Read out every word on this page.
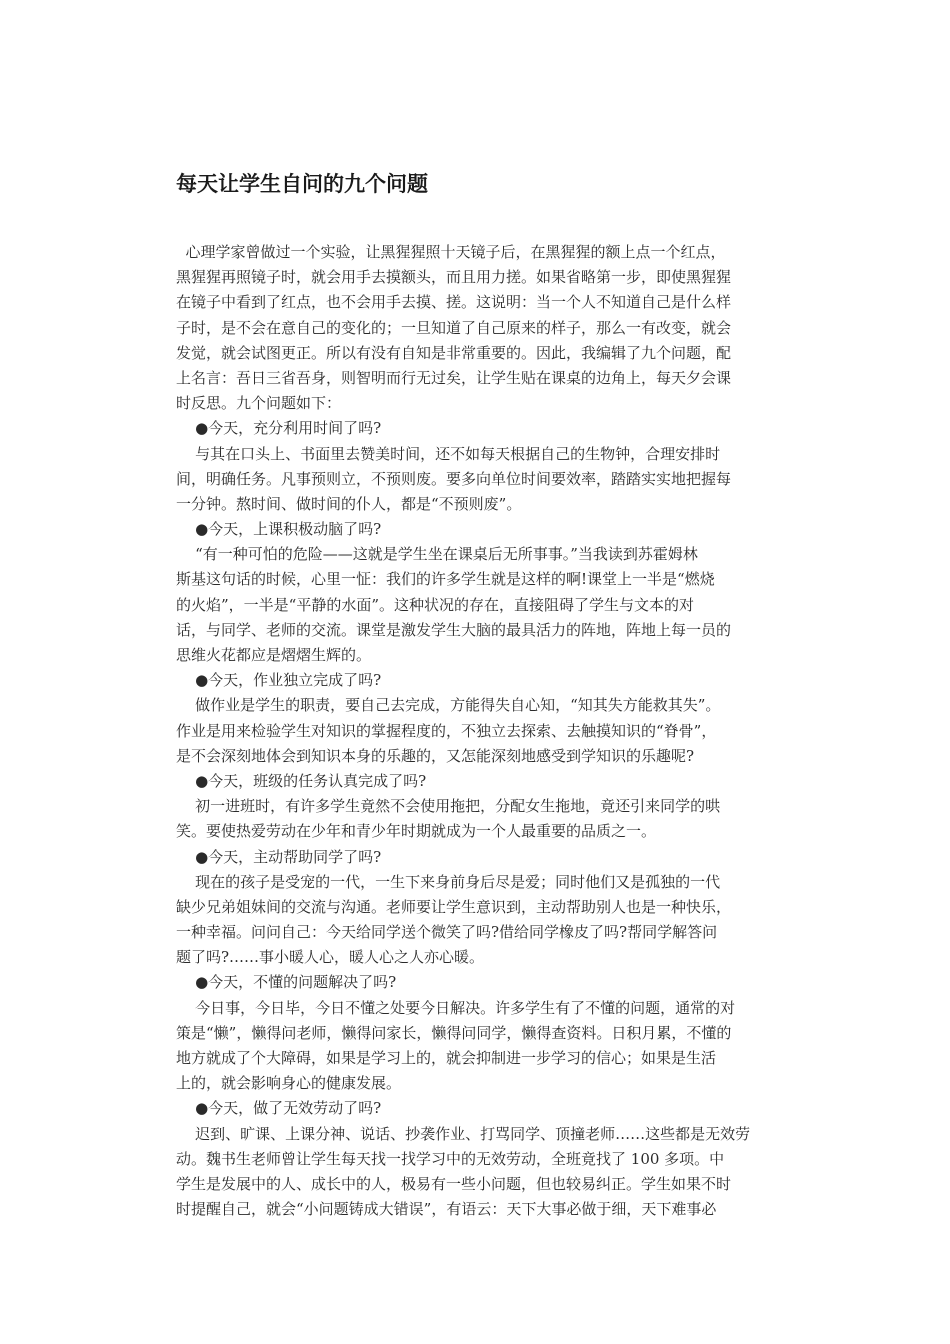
每天让学生自问的九个问题
心理学家曾做过一个实验，让黑猩猩照十天镜子后，在黑猩猩的额上点一个红点，
黑猩猩再照镜子时，就会用手去摸额头，而且用力搓。如果省略第一步，即使黑猩猩
在镜子中看到了红点，也不会用手去摸、搓。这说明：当一个人不知道自己是什么样
子时，是不会在意自己的变化的；一旦知道了自己原来的样子，那么一有改变，就会
发觉，就会试图更正。所以有没有自知是非常重要的。因此，我编辑了九个问题，配
上名言：吾日三省吾身，则智明而行无过矣，让学生贴在课桌的边角上，每天夕会课
时反思。九个问题如下：
●今天，充分利用时间了吗?
与其在口头上、书面里去赞美时间，还不如每天根据自己的生物钟，合理安排时
间，明确任务。凡事预则立，不预则废。要多向单位时间要效率，踏踏实实地把握每
一分钟。熬时间、做时间的仆人，都是“不预则废”。
●今天，上课积极动脑了吗?
“有一种可怕的危险——这就是学生坐在课桌后无所事事。”当我读到苏霍姆林
斯基这句话的时候，心里一怔：我们的许多学生就是这样的啊!课堂上一半是“燃烧
的火焰”，一半是“平静的水面”。这种状况的存在，直接阻碍了学生与文本的对
话，与同学、老师的交流。课堂是激发学生大脑的最具活力的阵地，阵地上每一员的
思维火花都应是熠熠生辉的。
●今天，作业独立完成了吗?
做作业是学生的职责，要自己去完成，方能得失自心知，“知其失方能救其失”。
作业是用来检验学生对知识的掌握程度的，不独立去探索、去触摸知识的“脊骨”，
是不会深刻地体会到知识本身的乐趣的，又怎能深刻地感受到学知识的乐趣呢?
●今天，班级的任务认真完成了吗?
初一进班时，有许多学生竟然不会使用拖把，分配女生拖地，竟还引来同学的哄
笑。要使热爱劳动在少年和青少年时期就成为一个人最重要的品质之一。
●今天，主动帮助同学了吗?
现在的孩子是受宠的一代，一生下来身前身后尽是爱；同时他们又是孤独的一代
缺少兄弟姐妹间的交流与沟通。老师要让学生意识到，主动帮助别人也是一种快乐，
一种幸福。问问自己：今天给同学送个微笑了吗?借给同学橡皮了吗?帮同学解答问
题了吗?……事小暖人心，暖人心之人亦心暖。
●今天，不懂的问题解决了吗?
今日事，今日毕，今日不懂之处要今日解决。许多学生有了不懂的问题，通常的对
策是“懒”，懒得问老师，懒得问家长，懒得问同学，懒得查资料。日积月累，不懂的
地方就成了个大障碍，如果是学习上的，就会抑制进一步学习的信心；如果是生活
上的，就会影响身心的健康发展。
●今天，做了无效劳动了吗?
迟到、旷课、上课分神、说话、抄袭作业、打骂同学、顶撞老师……这些都是无效劳
动。魏书生老师曾让学生每天找一找学习中的无效劳动，全班竟找了 100 多项。中
学生是发展中的人、成长中的人，极易有一些小问题，但也较易纠正。学生如果不时
时提醒自己，就会“小问题铸成大错误”，有语云：天下大事必做于细，天下难事必
